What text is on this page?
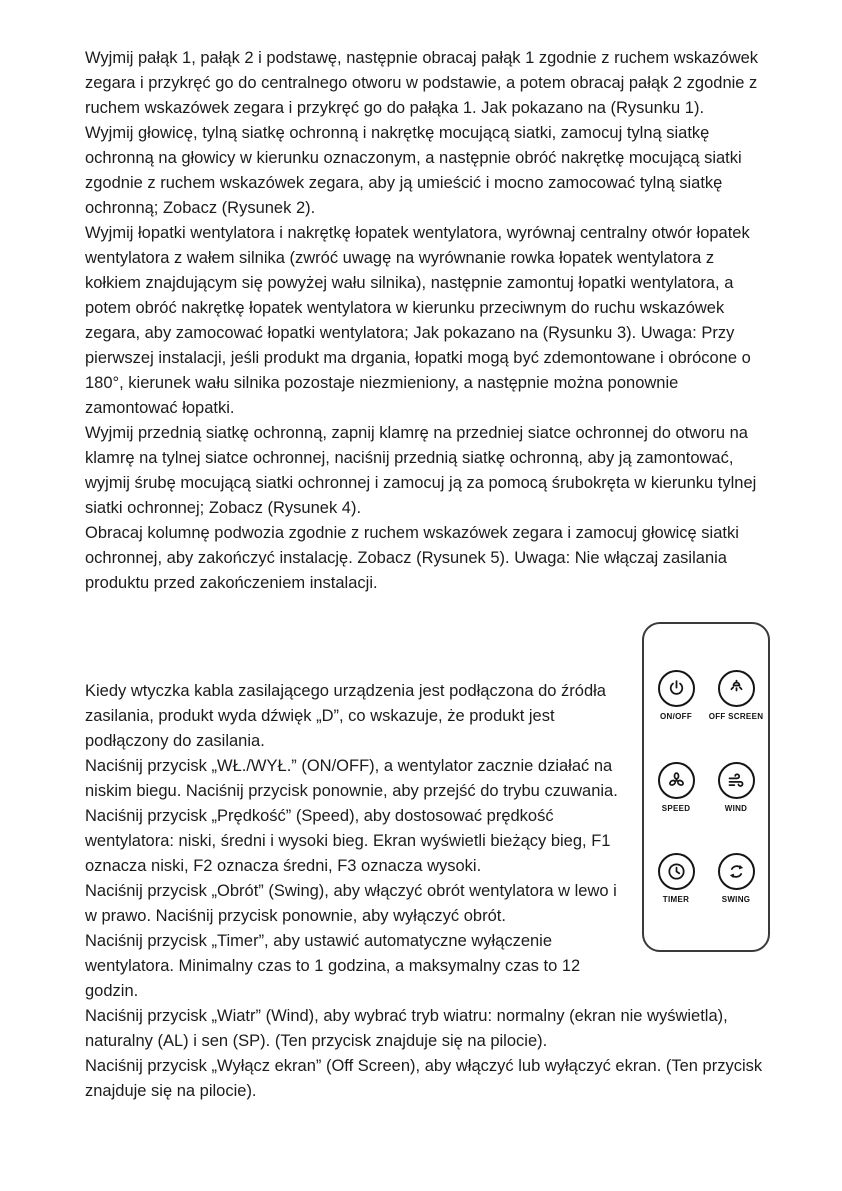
Wyjmij pałąk 1, pałąk 2 i podstawę, następnie obracaj pałąk 1 zgodnie z ruchem wskazówek zegara i przykręć go do centralnego otworu w podstawie, a potem obracaj pałąk 2 zgodnie z ruchem wskazówek zegara i przykręć go do pałąka 1. Jak pokazano na (Rysunku 1).

Wyjmij głowicę, tylną siatkę ochronną i nakrętkę mocującą siatki, zamocuj tylną siatkę ochronną na głowicy w kierunku oznaczonym, a następnie obróć nakrętkę mocującą siatki zgodnie z ruchem wskazówek zegara, aby ją umieścić i mocno zamocować tylną siatkę ochronną; Zobacz (Rysunek 2).

Wyjmij łopatki wentylatora i nakrętkę łopatek wentylatora, wyrównaj centralny otwór łopatek wentylatora z wałem silnika (zwróć uwagę na wyrównanie rowka łopatek wentylatora z kołkiem znajdującym się powyżej wału silnika), następnie zamontuj łopatki wentylatora, a potem obróć nakrętkę łopatek wentylatora w kierunku przeciwnym do ruchu wskazówek zegara, aby zamocować łopatki wentylatora; Jak pokazano na (Rysunku 3). Uwaga: Przy pierwszej instalacji, jeśli produkt ma drgania, łopatki mogą być zdemontowane i obrócone o 180°, kierunek wału silnika pozostaje niezmieniony, a następnie można ponownie zamontować łopatki.

Wyjmij przednią siatkę ochronną, zapnij klamrę na przedniej siatce ochronnej do otworu na klamrę na tylnej siatce ochronnej, naciśnij przednią siatkę ochronną, aby ją zamontować, wyjmij śrubę mocującą siatki ochronnej i zamocuj ją za pomocą śrubokręta w kierunku tylnej siatki ochronnej; Zobacz (Rysunek 4).

Obracaj kolumnę podwozia zgodnie z ruchem wskazówek zegara i zamocuj głowicę siatki ochronnej, aby zakończyć instalację. Zobacz (Rysunek 5). Uwaga: Nie włączaj zasilania produktu przed zakończeniem instalacji.

ON/OFF OFF SCREEN
SPEED	WIND
TIMER	SWING

Kiedy wtyczka kabla zasilającego urządzenia jest podłączona do źródła zasilania, produkt wyda dźwięk „D”, co wskazuje, że produkt jest podłączony do zasilania.

Naciśnij przycisk „WŁ./WYŁ.” (ON/OFF), a wentylator zacznie działać na niskim biegu. Naciśnij przycisk ponownie, aby przejść do trybu czuwania.

Naciśnij przycisk „Prędkość” (Speed), aby dostosować prędkość wentylatora: niski, średni i wysoki bieg. Ekran wyświetli bieżący bieg, F1 oznacza niski, F2 oznacza średni, F3 oznacza wysoki.

Naciśnij przycisk „Obrót” (Swing), aby włączyć obrót wentylatora w lewo i w prawo. Naciśnij przycisk ponownie, aby wyłączyć obrót.

Naciśnij przycisk „Timer”, aby ustawić automatyczne wyłączenie wentylatora. Minimalny czas to 1 godzina, a maksymalny czas to 12 godzin.

Naciśnij przycisk „Wiatr” (Wind), aby wybrać tryb wiatru: normalny (ekran nie wyświetla), naturalny (AL) i sen (SP). (Ten przycisk znajduje się na pilocie).

Naciśnij przycisk „Wyłącz ekran” (Off Screen), aby włączyć lub wyłączyć ekran. (Ten przycisk znajduje się na pilocie).
